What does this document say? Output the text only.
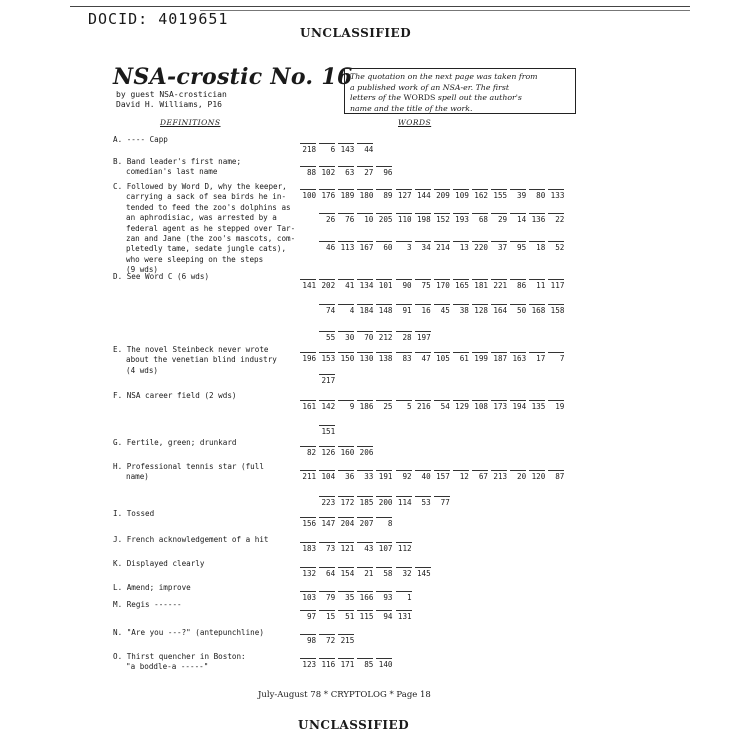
DOCID: 4019651
UNCLASSIFIED
NSA-crostic No. 16
by guest NSA-crostician
David H. Williams, P16
The quotation on the next page was taken from
a published work of an NSA-er. The first
letters of the WORDS spell out the author's
name and the title of the work.
DEFINITIONS	WORDS
A. ---- Capp
218	6 143	44
B. Band leader's first name;
comedian's last name	88 102	63	27	96
C. Followed by Word D, why the keeper,
carrying a sack of sea birds he in-
tended to feed the zoo's dolphins as
an aphrodisiac, was arrested by a
federal agent as he stepped over Tar-
zan and Jane (the zoo's mascots, com-
pletedly tame, sedate jungle cats),
who were sleeping on the steps
(9 wds)
100 176 189 180	89 127 144 209 109 162 155	39	80 133
26	76	10 205 110 198 152 193	68	29	14 136	22
46 113 167	60	3	34 214	13 220	37	95	18	52
D. See Word C (6 wds)
141 202	41 134 101	90	75 170 165 181 221	86	11 117
74	4 184 148	91	16	45	38 128 164	50 168 158
55	30	70 212	28 197
E. The novel Steinbeck never wrote
about the venetian blind industry
(4 wds)
196 153 150 130 138	83	47 105	61 199 187 163	17	7
217
F. NSA career field (2 wds)
161 142	9 186	25	5 216	54 129 108 173 194 135	19
151
G. Fertile, green; drunkard
82 126 160 206
H. Professional tennis star (full
name)	211 104	36	33 191	92	40 157	12	67 213	20 120	87
223 172 185 200 114	53	77
I. Tossed
156 147 204 207	8
J. French acknowledgement of a hit
183	73 121	43 107 112
K. Displayed clearly
132	64 154	21	58	32 145
L. Amend; improve
103	79	35 166	93	1
M. Regis ------
97	15	51 115	94 131
N. "Are you ---?" (antepunchline)
98	72 215
O. Thirst quencher in Boston:
"a boddle-a -----"	123 116 171	85 140
July-August 78 * CRYPTOLOG * Page 18
UNCLASSIFIED
